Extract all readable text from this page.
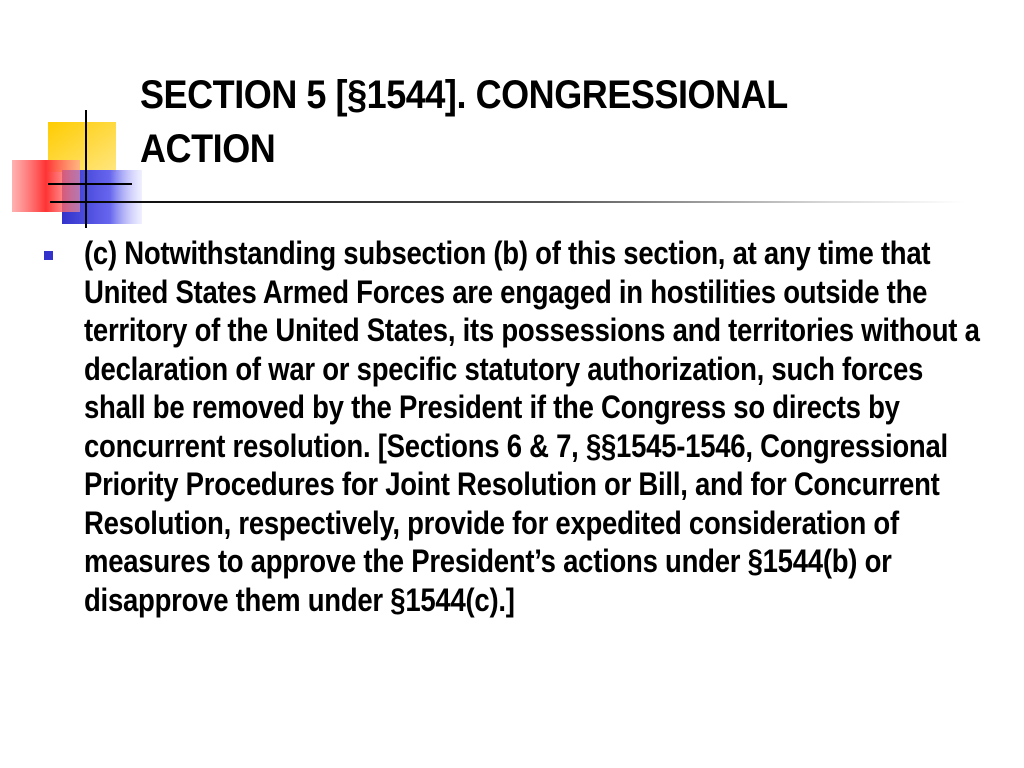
SECTION 5 [§1544]. CONGRESSIONAL ACTION

(c) Notwithstanding subsection (b) of this section, at any time that United States Armed Forces are engaged in hostilities outside the territory of the United States, its possessions and territories without a declaration of war or specific statutory authorization, such forces shall be removed by the President if the Congress so directs by concurrent resolution. [Sections 6 & 7, §§1545-1546, Congressional Priority Procedures for Joint Resolution or Bill, and for Concurrent Resolution, respectively, provide for expedited consideration of measures to approve the President’s actions under §1544(b) or disapprove them under §1544(c).]
